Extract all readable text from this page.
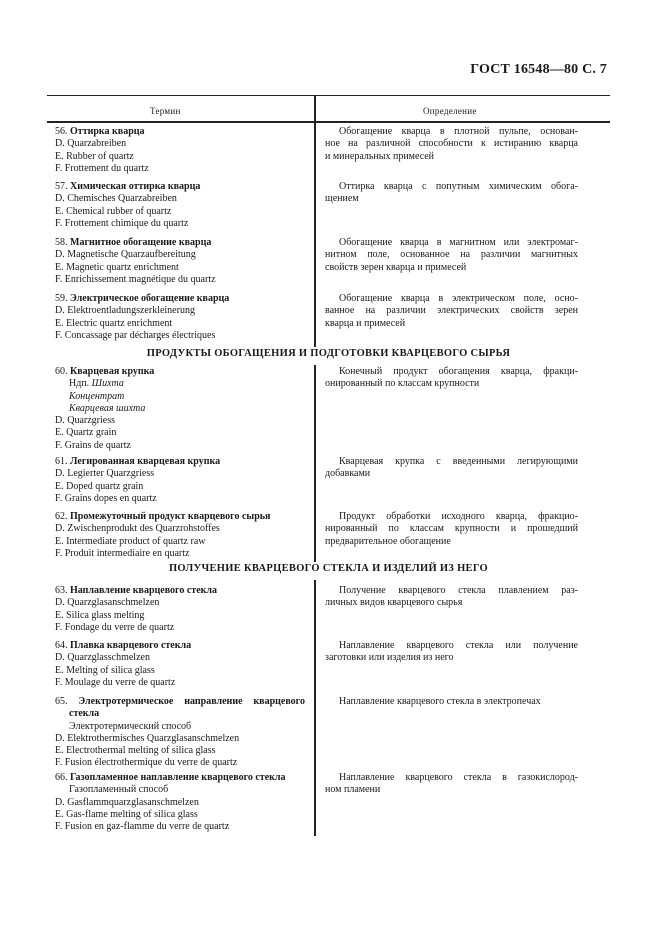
ГОСТ 16548—80 С. 7
Термин	Определение
ПРОДУКТЫ ОБОГАЩЕНИЯ И ПОДГОТОВКИ КВАРЦЕВОГО СЫРЬЯ
ПОЛУЧЕНИЕ КВАРЦЕВОГО СТЕКЛА И ИЗДЕЛИЙ ИЗ НЕГО
56. Оттирка кварца
D. Quarzabreiben
E. Rubber of quartz
F. Frottement du quartz
Обогащение кварца в плотной пульпе, основан-
ное на различной способности к истиранию кварца
и минеральных примесей
57. Химическая оттирка кварца
D. Chemisches Quarzabreiben
E. Chemical rubber of quartz
F. Frottement chimique du quartz
Оттирка кварца с попутным химическим обога-
щением
58. Магнитное обогащение кварца
D. Magnetische Quarzaufbereitung
E. Magnetic quartz enrichment
F. Enrichissement magnétique du quartz
Обогащение кварца в магнитном или электромаг-
нитном поле, основанное на различии магнитных
свойств зерен кварца и примесей
59. Электрическое обогащение кварца
D. Elektroentladungszerkleinerung
E. Electric quartz enrichment
F. Concassage par décharges électriques
Обогащение кварца в электрическом поле, осно-
ванное на различии электрических свойств зерен
кварца и примесей
60. Кварцевая крупка
Ндп. Шихта
Концентрат
Кварцевая шихта
D. Quarzgriess
E. Quartz grain
F. Grains de quartz
Конечный продукт обогащения кварца, фракци-
онированный по классам крупности
61. Легированная кварцевая крупка
D. Legierter Quarzgriess
E. Doped quartz grain
F. Grains dopes en quartz
Кварцевая крупка с введенными легирующими
добавками
62. Промежуточный продукт кварцевого сырья
D. Zwischenprodukt des Quarzrohstoffes
E. Intermediate product of quartz raw
F. Produit intermediaire en quartz
Продукт обработки исходного кварца, фракцио-
нированный по классам крупности и прошедший
предварительное обогащение
63. Наплавление кварцевого стекла
D. Quarzglasanschmelzen
E. Silica glass melting
F. Fondage du verre de quartz
Получение кварцевого стекла плавлением раз-
личных видов кварцевого сырья
64. Плавка кварцевого стекла
D. Quarzglasschmelzen
E. Melting of silica glass
F. Moulage du verre de quartz
Наплавление кварцевого стекла или получение
заготовки или изделия из него
65. Электротермическое направление кварцевого
стекла
Электротермический способ
D. Elektrothermisches Quarzglasanschmelzen
E. Electrothermal melting of silica glass
F. Fusion électrothermique du verre de quartz
Наплавление кварцевого стекла в электропечах
66. Газопламенное наплавление кварцевого стекла
Газопламенный способ
D. Gasflammquarzglasanschmelzen
E. Gas-flame melting of silica glass
F. Fusion en gaz-flamme du verre de quartz
Наплавление кварцевого стекла в газокислород-
ном пламени
